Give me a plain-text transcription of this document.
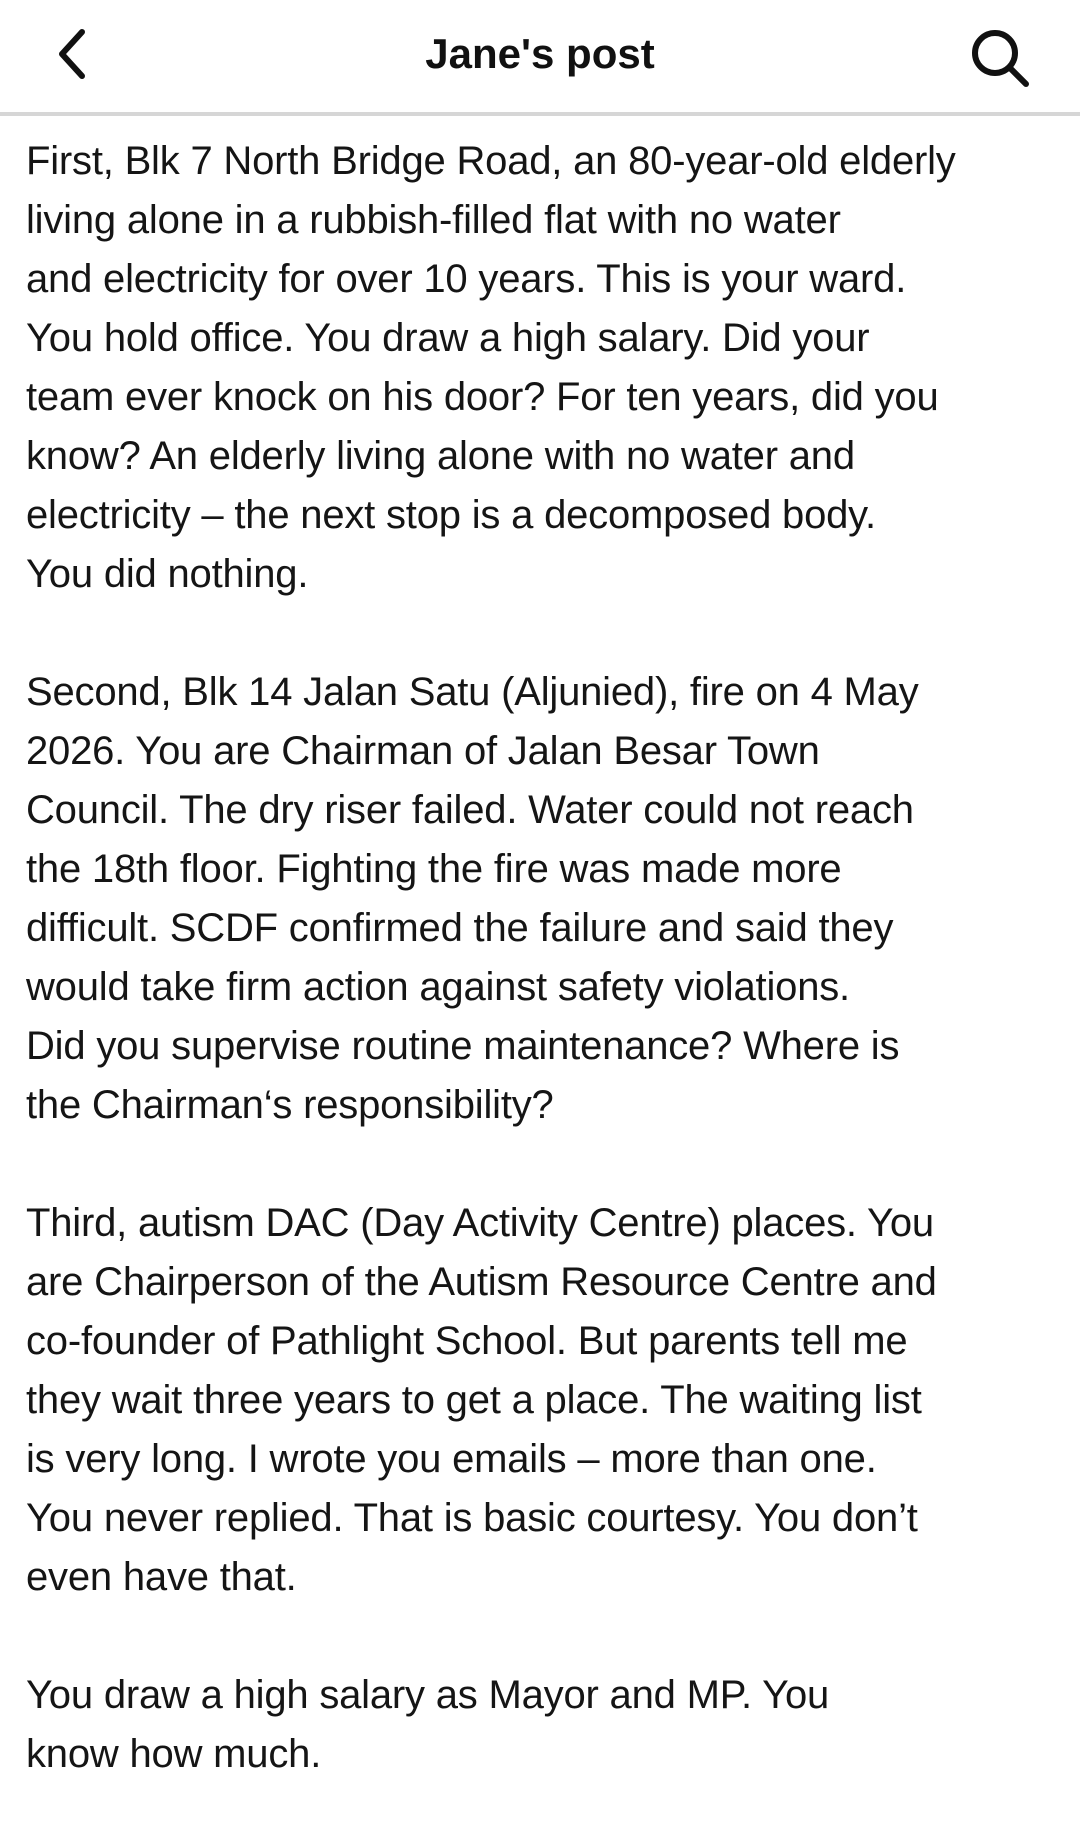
Jane's post

First, Blk 7 North Bridge Road, an 80-year-old elderly
living alone in a rubbish-filled flat with no water
and electricity for over 10 years. This is your ward.
You hold office. You draw a high salary. Did your
team ever knock on his door? For ten years, did you
know? An elderly living alone with no water and
electricity – the next stop is a decomposed body.
You did nothing.

Second, Blk 14 Jalan Satu (Aljunied), fire on 4 May
2026. You are Chairman of Jalan Besar Town
Council. The dry riser failed. Water could not reach
the 18th floor. Fighting the fire was made more
difficult. SCDF confirmed the failure and said they
would take firm action against safety violations.
Did you supervise routine maintenance? Where is
the Chairman‘s responsibility?

Third, autism DAC (Day Activity Centre) places. You
are Chairperson of the Autism Resource Centre and
co-founder of Pathlight School. But parents tell me
they wait three years to get a place. The waiting list
is very long. I wrote you emails – more than one.
You never replied. That is basic courtesy. You don’t
even have that.

You draw a high salary as Mayor and MP. You
know how much.
